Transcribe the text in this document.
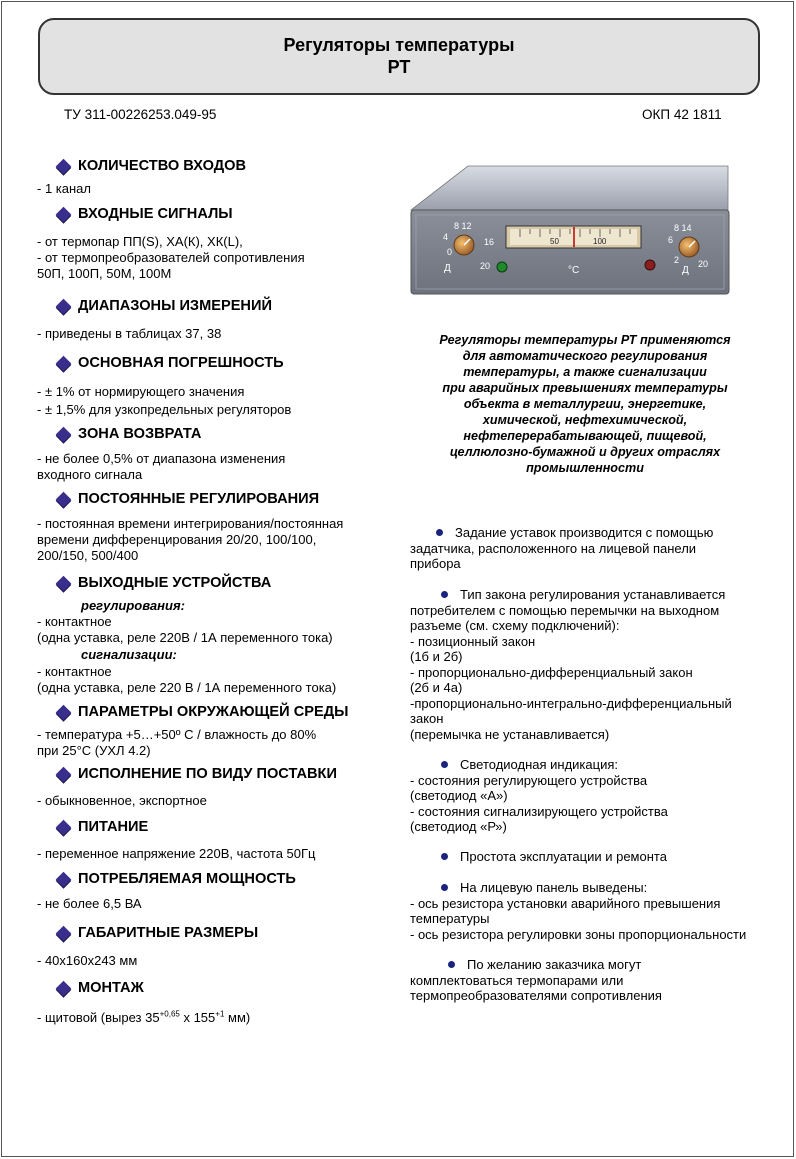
Регуляторы температуры
РТ
ТУ 311-00226253.049-95	ОКП 42 1811
КОЛИЧЕСТВО ВХОДОВ
- 1 канал
ВХОДНЫЕ СИГНАЛЫ
- от термопар ПП(S), ХА(К), ХК(L),
- от термопреобразователей сопротивления
50П, 100П, 50М, 100М
ДИАПАЗОНЫ ИЗМЕРЕНИЙ
- приведены в таблицах 37, 38
ОСНОВНАЯ ПОГРЕШНОСТЬ
- ± 1% от нормирующего значения
- ± 1,5% для узкопредельных регуляторов
ЗОНА ВОЗВРАТА
- не более 0,5% от диапазона изменения
входного сигнала
ПОСТОЯННЫЕ РЕГУЛИРОВАНИЯ
- постоянная времени интегрирования/постоянная
времени дифференцирования 20/20, 100/100,
200/150, 500/400
ВЫХОДНЫЕ УСТРОЙСТВА
регулирования:
- контактное
(одна уставка, реле 220В / 1А переменного тока)
сигнализации:
- контактное
(одна уставка, реле 220 В / 1А переменного тока)
ПАРАМЕТРЫ ОКРУЖАЮЩЕЙ СРЕДЫ
- температура +5…+50º С / влажность до 80%
при 25°С (УХЛ 4.2)
ИСПОЛНЕНИЕ ПО ВИДУ ПОСТАВКИ
- обыкновенное, экспортное
ПИТАНИЕ
- переменное напряжение 220В, частота 50Гц
ПОТРЕБЛЯЕМАЯ МОЩНОСТЬ
- не более 6,5 ВА
ГАБАРИТНЫЕ РАЗМЕРЫ
- 40х160х243 мм
МОНТАЖ
- щитовой (вырез $35^{+0,65}$ х $155^{+1}$ мм)
8 12
4	16
0
Д	20
50	100
°С
8 14
6
2 20
Д
Регуляторы температуры РТ применяются
для автоматического регулирования
температуры, а также сигнализации
при аварийных превышениях температуры
объекта в металлургии, энергетике,
химической, нефтехимической,
нефтеперерабатывающей, пищевой,
целлюлозно-бумажной и других отраслях
промышленности
Задание уставок производится с помощью
задатчика, расположенного на лицевой панели
прибора
Тип закона регулирования устанавливается
потребителем с помощью перемычки на выходном
разъеме (см. схему подключений):
- позиционный закон
(1б и 2б)
- пропорционально-дифференциальный закон
(2б и 4а)
-пропорционально-интегрально-дифференциальный
закон
(перемычка не устанавливается)
Светодиодная индикация:
- состояния регулирующего устройства
(светодиод «А»)
- состояния сигнализирующего устройства
(светодиод «Р»)
Простота эксплуатации и ремонта
На лицевую панель выведены:
- ось резистора установки аварийного превышения
температуры
- ось резистора регулировки зоны пропорциональности
По желанию заказчика могут
комплектоваться термопарами или
термопреобразователями сопротивления
